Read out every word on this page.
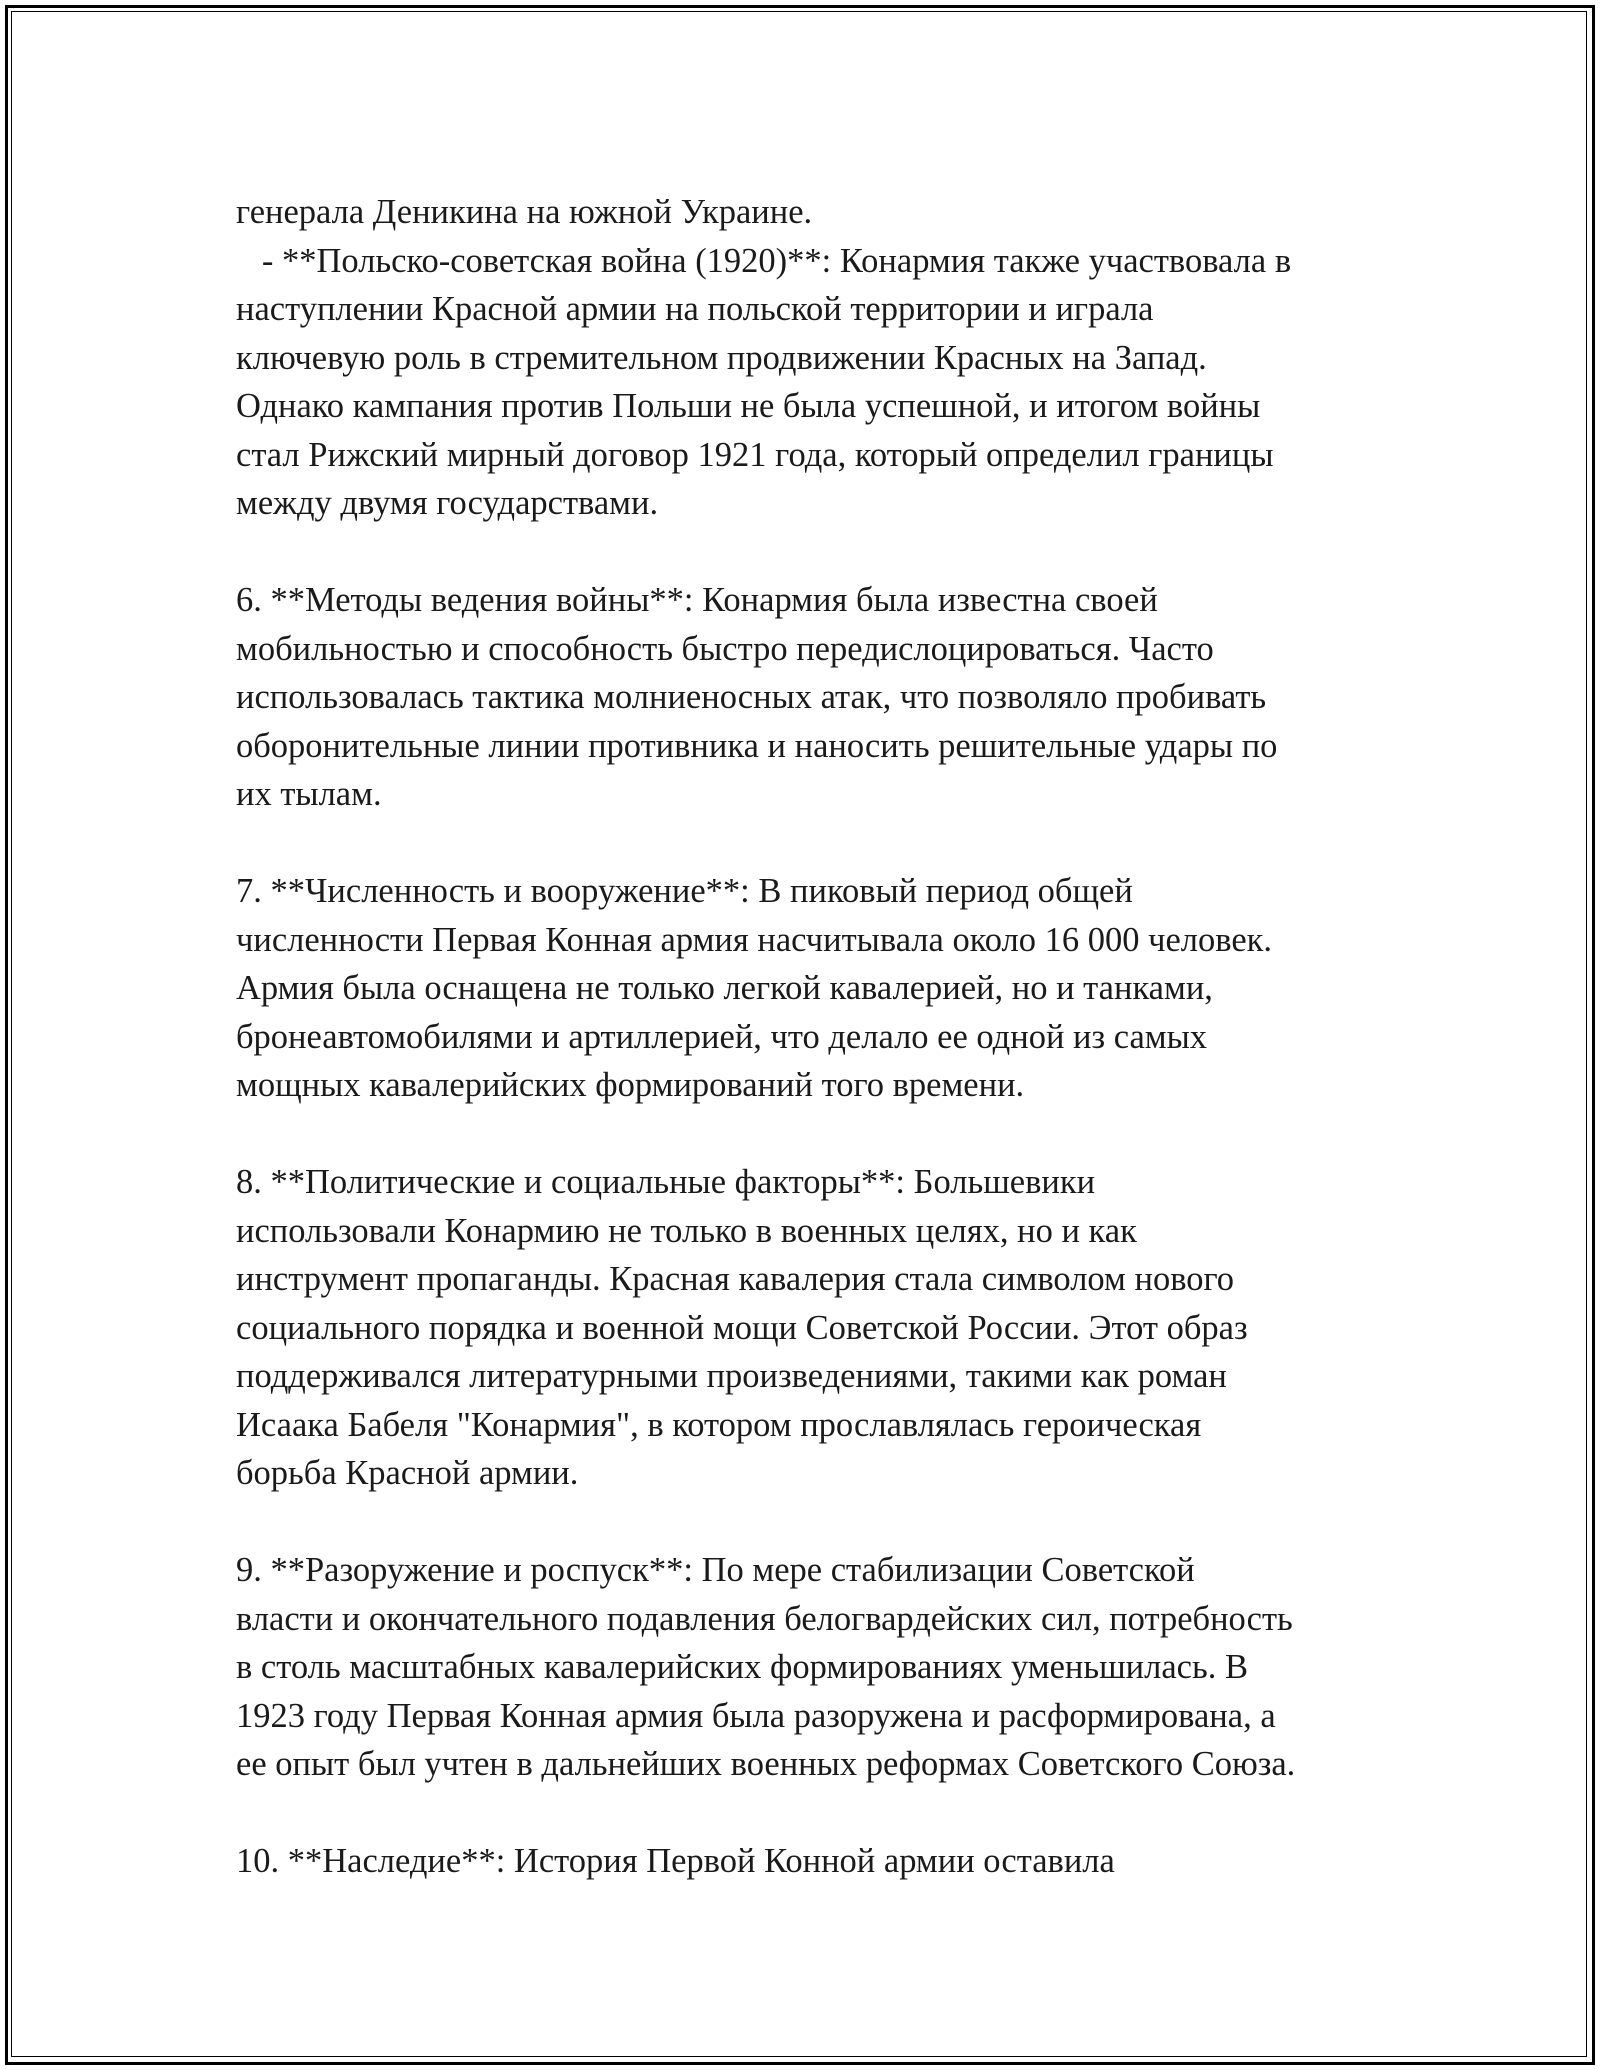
генерала Деникина на южной Украине.
- **Польско-советская война (1920)**: Конармия также участвовала в
наступлении Красной армии на польской территории и играла
ключевую роль в стремительном продвижении Красных на Запад.
Однако кампания против Польши не была успешной, и итогом войны
стал Рижский мирный договор 1921 года, который определил границы
между двумя государствами.
6. **Методы ведения войны**: Конармия была известна своей
мобильностью и способность быстро передислоцироваться. Часто
использовалась тактика молниеносных атак, что позволяло пробивать
оборонительные линии противника и наносить решительные удары по
их тылам.
7. **Численность и вооружение**: В пиковый период общей
численности Первая Конная армия насчитывала около 16 000 человек.
Армия была оснащена не только легкой кавалерией, но и танками,
бронеавтомобилями и артиллерией, что делало ее одной из самых
мощных кавалерийских формирований того времени.
8. **Политические и социальные факторы**: Большевики
использовали Конармию не только в военных целях, но и как
инструмент пропаганды. Красная кавалерия стала символом нового
социального порядка и военной мощи Советской России. Этот образ
поддерживался литературными произведениями, такими как роман
Исаака Бабеля "Конармия", в котором прославлялась героическая
борьба Красной армии.
9. **Разоружение и роспуск**: По мере стабилизации Советской
власти и окончательного подавления белогвардейских сил, потребность
в столь масштабных кавалерийских формированиях уменьшилась. В
1923 году Первая Конная армия была разоружена и расформирована, а
ее опыт был учтен в дальнейших военных реформах Советского Союза.
10. **Наследие**: История Первой Конной армии оставила
